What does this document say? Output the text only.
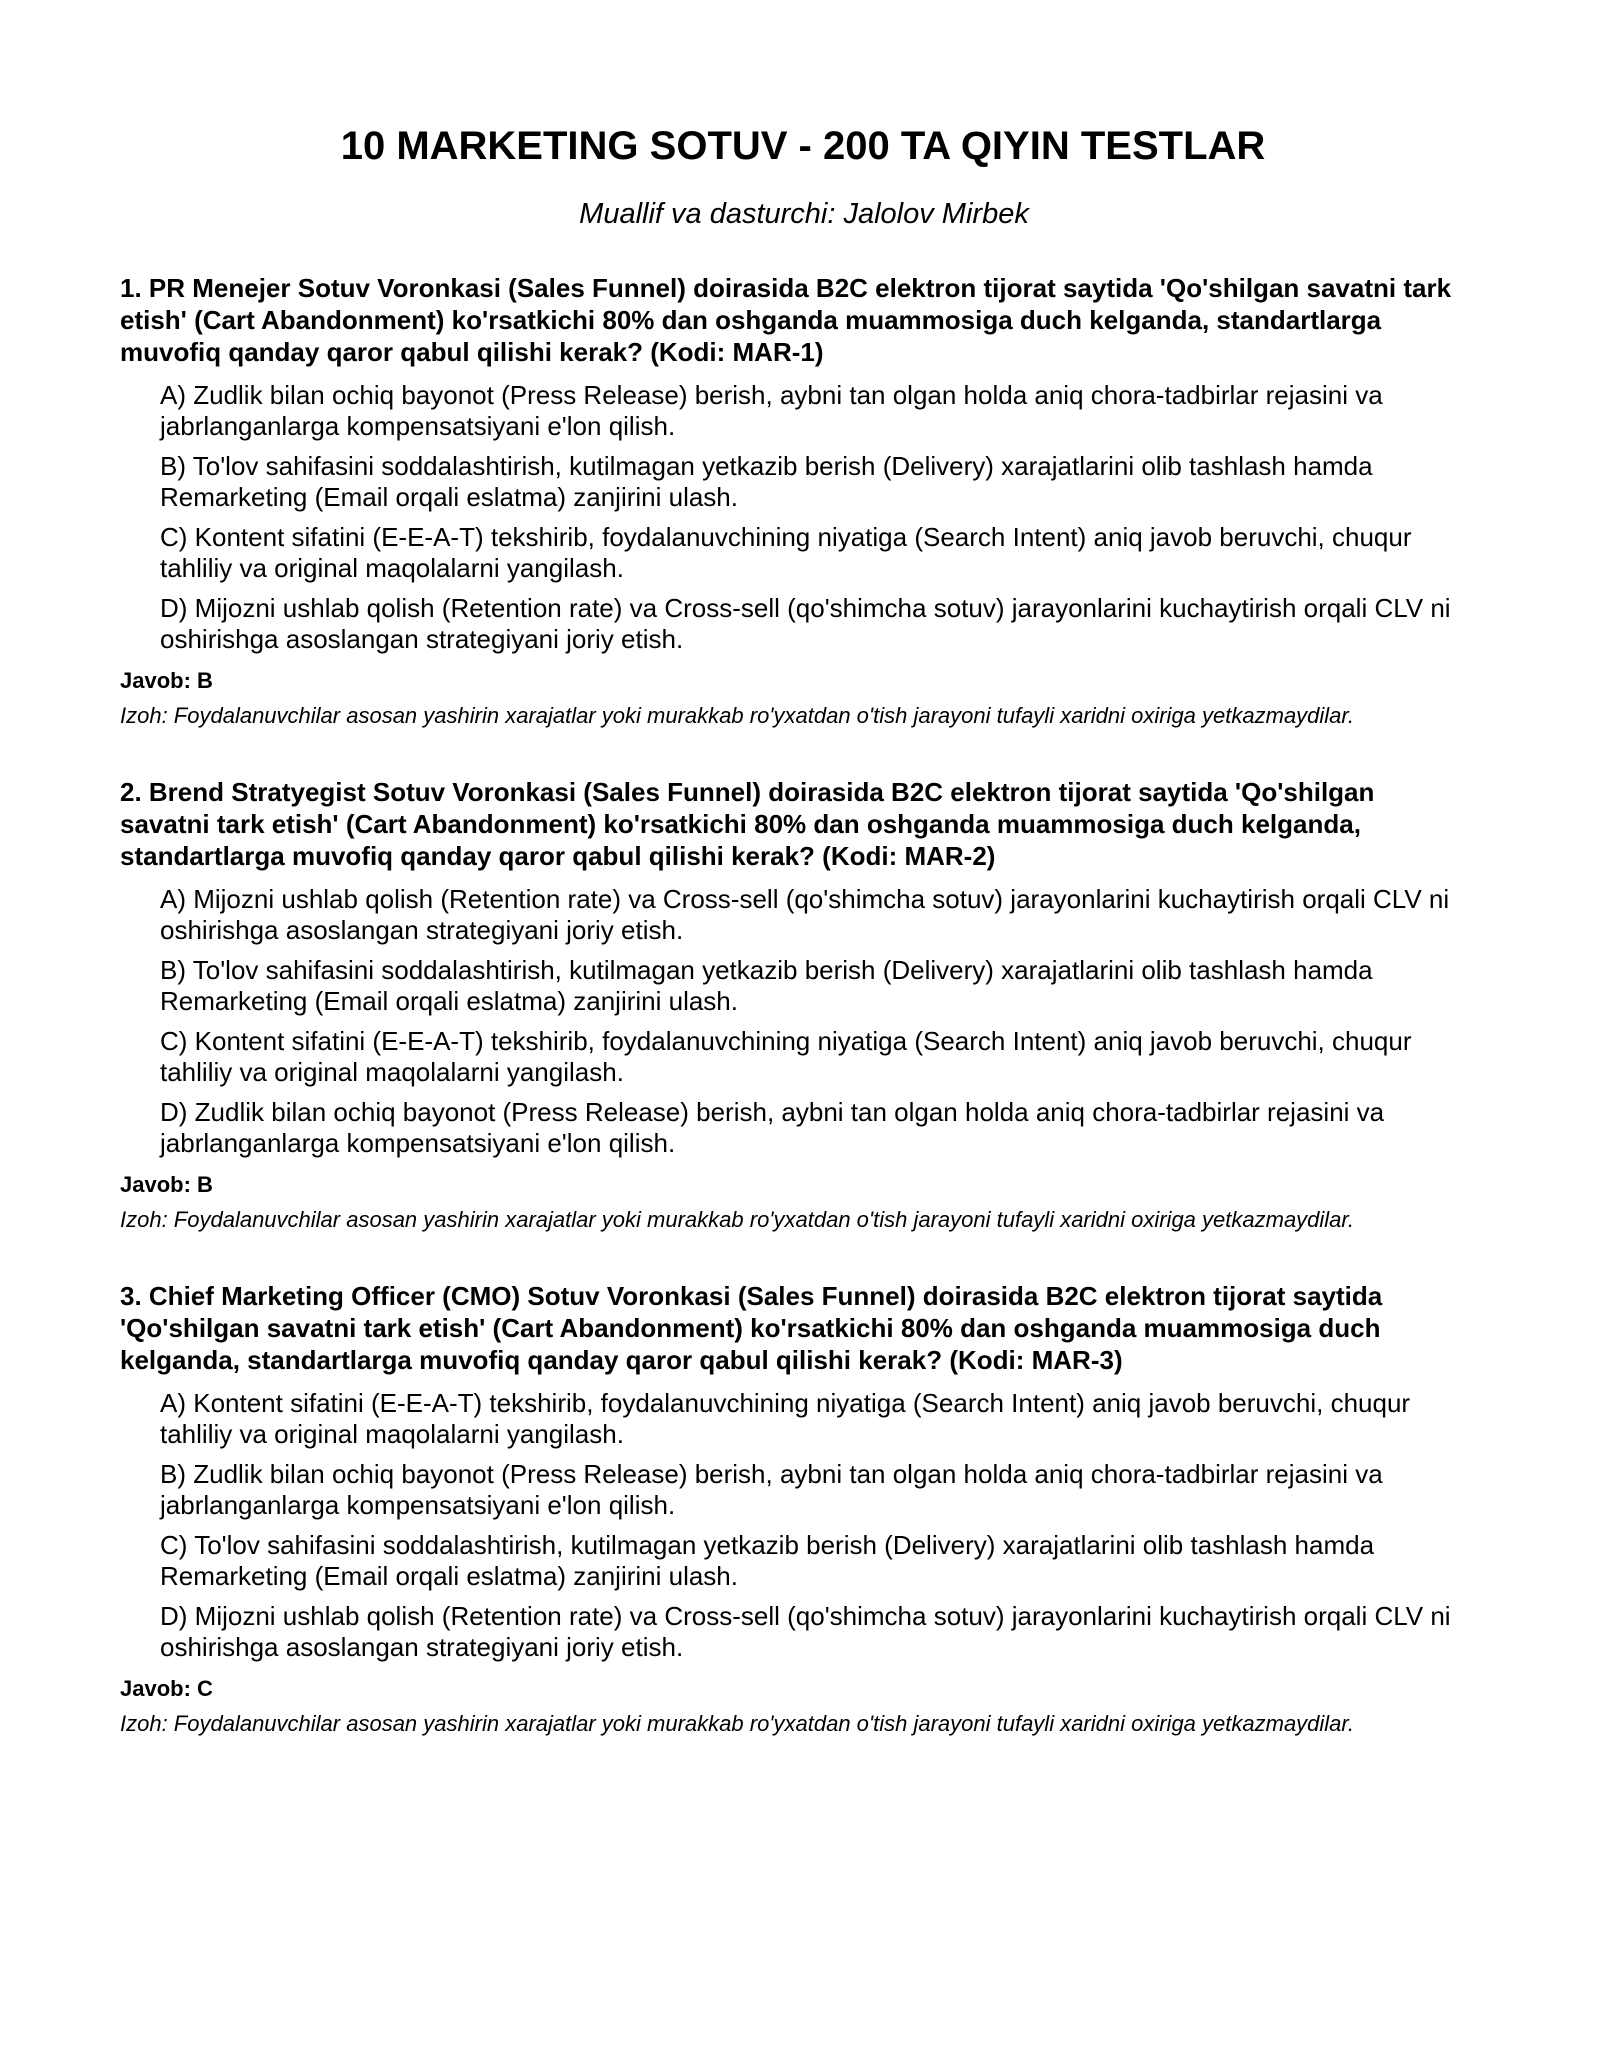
10 MARKETING SOTUV - 200 TA QIYIN TESTLAR

Muallif va dasturchi: Jalolov Mirbek

1. PR Menejer Sotuv Voronkasi (Sales Funnel) doirasida B2C elektron tijorat saytida 'Qo'shilgan savatni tark etish' (Cart Abandonment) ko'rsatkichi 80% dan oshganda muammosiga duch kelganda, standartlarga muvofiq qanday qaror qabul qilishi kerak? (Kodi: MAR-1)

A) Zudlik bilan ochiq bayonot (Press Release) berish, aybni tan olgan holda aniq chora-tadbirlar rejasini va jabrlanganlarga kompensatsiyani e'lon qilish.

B) To'lov sahifasini soddalashtirish, kutilmagan yetkazib berish (Delivery) xarajatlarini olib tashlash hamda Remarketing (Email orqali eslatma) zanjirini ulash.

C) Kontent sifatini (E-E-A-T) tekshirib, foydalanuvchining niyatiga (Search Intent) aniq javob beruvchi, chuqur tahliliy va original maqolalarni yangilash.

D) Mijozni ushlab qolish (Retention rate) va Cross-sell (qo'shimcha sotuv) jarayonlarini kuchaytirish orqali CLV ni oshirishga asoslangan strategiyani joriy etish.

Javob: B

Izoh: Foydalanuvchilar asosan yashirin xarajatlar yoki murakkab ro'yxatdan o'tish jarayoni tufayli xaridni oxiriga yetkazmaydilar.

2. Brend Stratyegist Sotuv Voronkasi (Sales Funnel) doirasida B2C elektron tijorat saytida 'Qo'shilgan savatni tark etish' (Cart Abandonment) ko'rsatkichi 80% dan oshganda muammosiga duch kelganda, standartlarga muvofiq qanday qaror qabul qilishi kerak? (Kodi: MAR-2)

A) Mijozni ushlab qolish (Retention rate) va Cross-sell (qo'shimcha sotuv) jarayonlarini kuchaytirish orqali CLV ni oshirishga asoslangan strategiyani joriy etish.

B) To'lov sahifasini soddalashtirish, kutilmagan yetkazib berish (Delivery) xarajatlarini olib tashlash hamda Remarketing (Email orqali eslatma) zanjirini ulash.

C) Kontent sifatini (E-E-A-T) tekshirib, foydalanuvchining niyatiga (Search Intent) aniq javob beruvchi, chuqur tahliliy va original maqolalarni yangilash.

D) Zudlik bilan ochiq bayonot (Press Release) berish, aybni tan olgan holda aniq chora-tadbirlar rejasini va jabrlanganlarga kompensatsiyani e'lon qilish.

Javob: B

Izoh: Foydalanuvchilar asosan yashirin xarajatlar yoki murakkab ro'yxatdan o'tish jarayoni tufayli xaridni oxiriga yetkazmaydilar.

3. Chief Marketing Officer (CMO) Sotuv Voronkasi (Sales Funnel) doirasida B2C elektron tijorat saytida 'Qo'shilgan savatni tark etish' (Cart Abandonment) ko'rsatkichi 80% dan oshganda muammosiga duch kelganda, standartlarga muvofiq qanday qaror qabul qilishi kerak? (Kodi: MAR-3)

A) Kontent sifatini (E-E-A-T) tekshirib, foydalanuvchining niyatiga (Search Intent) aniq javob beruvchi, chuqur tahliliy va original maqolalarni yangilash.

B) Zudlik bilan ochiq bayonot (Press Release) berish, aybni tan olgan holda aniq chora-tadbirlar rejasini va jabrlanganlarga kompensatsiyani e'lon qilish.

C) To'lov sahifasini soddalashtirish, kutilmagan yetkazib berish (Delivery) xarajatlarini olib tashlash hamda Remarketing (Email orqali eslatma) zanjirini ulash.

D) Mijozni ushlab qolish (Retention rate) va Cross-sell (qo'shimcha sotuv) jarayonlarini kuchaytirish orqali CLV ni oshirishga asoslangan strategiyani joriy etish.

Javob: C

Izoh: Foydalanuvchilar asosan yashirin xarajatlar yoki murakkab ro'yxatdan o'tish jarayoni tufayli xaridni oxiriga yetkazmaydilar.
